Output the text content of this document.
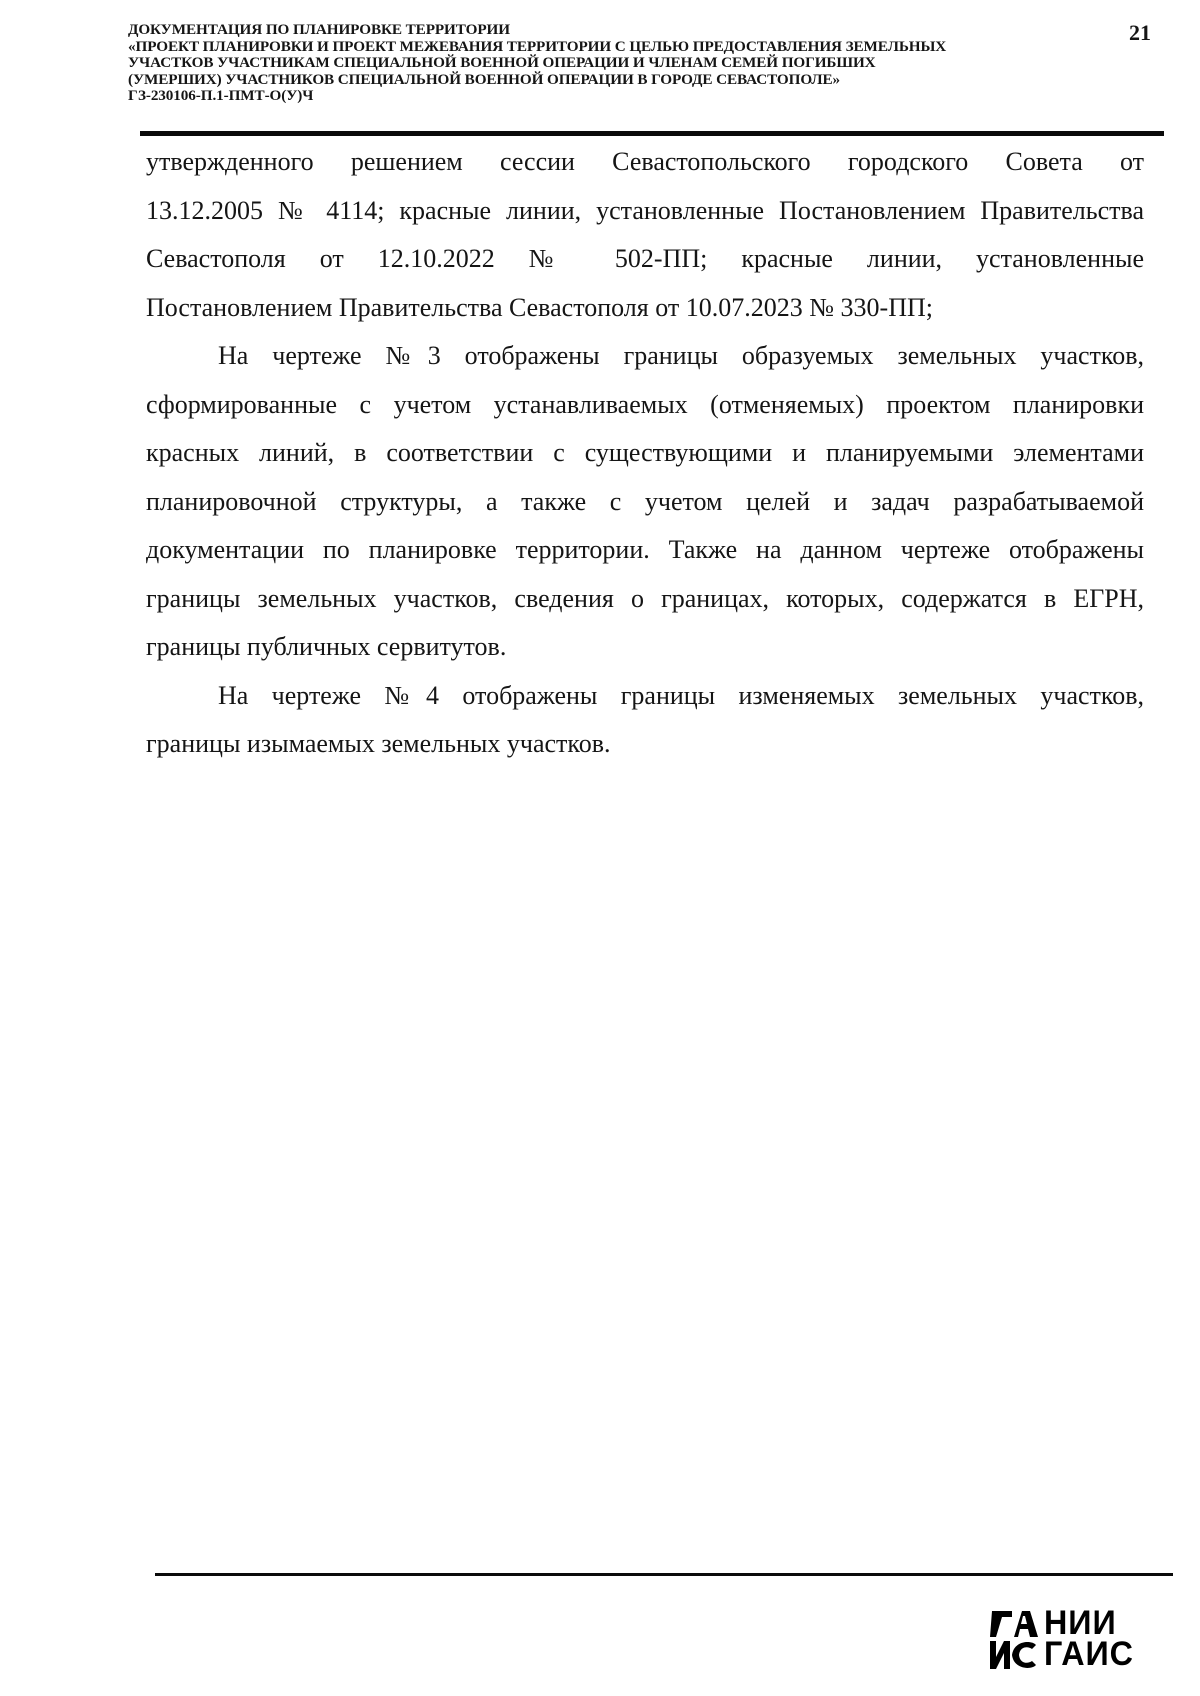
ДОКУМЕНТАЦИЯ ПО ПЛАНИРОВКЕ ТЕРРИТОРИИ
«ПРОЕКТ ПЛАНИРОВКИ И ПРОЕКТ МЕЖЕВАНИЯ ТЕРРИТОРИИ С ЦЕЛЬЮ ПРЕДОСТАВЛЕНИЯ ЗЕМЕЛЬНЫХ
УЧАСТКОВ УЧАСТНИКАМ СПЕЦИАЛЬНОЙ ВОЕННОЙ ОПЕРАЦИИ И ЧЛЕНАМ СЕМЕЙ ПОГИБШИХ
(УМЕРШИХ) УЧАСТНИКОВ СПЕЦИАЛЬНОЙ ВОЕННОЙ ОПЕРАЦИИ В ГОРОДЕ СЕВАСТОПОЛЕ»
ГЗ-230106-П.1-ПМТ-О(У)Ч
21

утвержденного решением сессии Севастопольского городского Совета от
13.12.2005 № 4114; красные линии, установленные Постановлением Правительства
Севастополя от 12.10.2022 № 502-ПП; красные линии, установленные
Постановлением Правительства Севастополя от 10.07.2023 № 330-ПП;

На чертеже №3 отображены границы образуемых земельных участков,
сформированные с учетом устанавливаемых (отменяемых) проектом планировки
красных линий, в соответствии с существующими и планируемыми элементами
планировочной структуры, а также с учетом целей и задач разрабатываемой
документации по планировке территории. Также на данном чертеже отображены
границы земельных участков, сведения о границах, которых, содержатся в ЕГРН,
границы публичных сервитутов.

На чертеже №4 отображены границы изменяемых земельных участков,
границы изымаемых земельных участков.

НИИ
ГАИС
